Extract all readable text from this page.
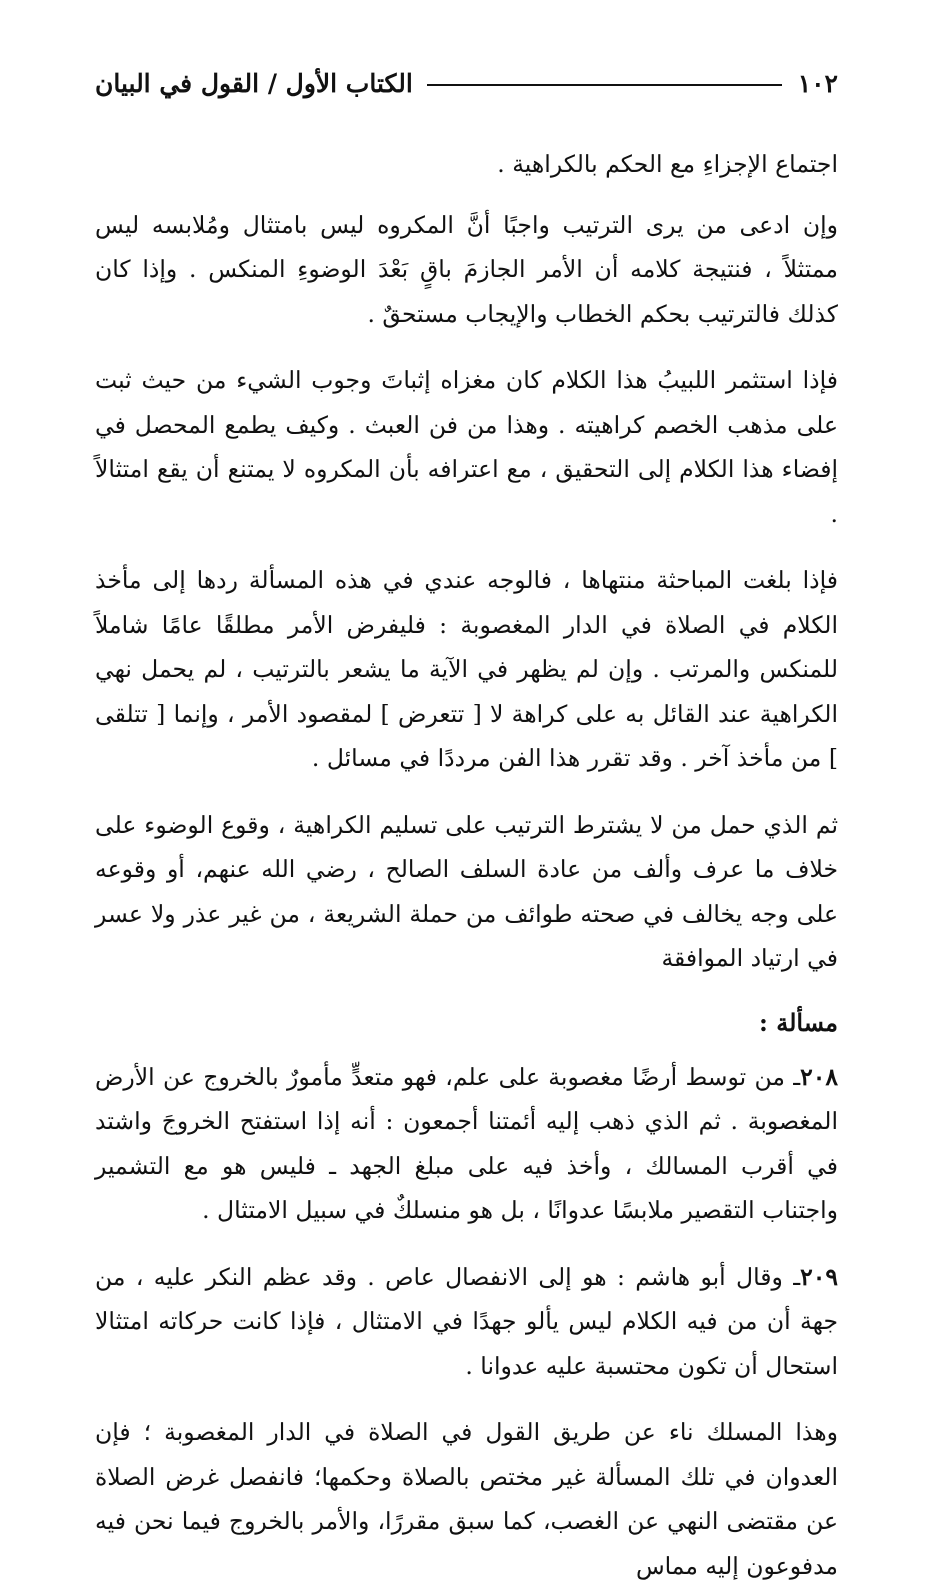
١٠٢
الكتاب الأول / القول في البيان

اجتماع الإجزاءِ مع الحكم بالكراهية .

وإن ادعى من يرى الترتيب واجبًا أنَّ المكروه ليس بامتثال ومُلابسه ليس ممتثلاً ، فنتيجة كلامه أن الأمر الجازمَ باقٍ بَعْدَ الوضوءِ المنكس . وإذا كان كذلك فالترتيب بحكم الخطاب والإيجاب مستحقٌ .

فإذا استثمر اللبيبُ هذا الكلام كان مغزاه إثباتَ وجوب الشيء من حيث ثبت على مذهب الخصم كراهيته . وهذا من فن العبث . وكيف يطمع المحصل في إفضاء هذا الكلام إلى التحقيق ، مع اعترافه بأن المكروه لا يمتنع أن يقع امتثالاً .

فإذا بلغت المباحثة منتهاها ، فالوجه عندي في هذه المسألة ردها إلى مأخذ الكلام في الصلاة في الدار المغصوبة : فليفرض الأمر مطلقًا عامًا شاملاً للمنكس والمرتب . وإن لم يظهر في الآية ما يشعر بالترتيب ، لم يحمل نهي الكراهية عند القائل به على كراهة لا [ تتعرض ] لمقصود الأمر ، وإنما [ تتلقى ] من مأخذ آخر . وقد تقرر هذا الفن مرددًا في مسائل .

ثم الذي حمل من لا يشترط الترتيب على تسليم الكراهية ، وقوع الوضوء على خلاف ما عرف وألف من عادة السلف الصالح ، رضي الله عنهم، أو وقوعه على وجه يخالف في صحته طوائف من حملة الشريعة ، من غير عذر ولا عسر في ارتياد الموافقة

مسألة :

٢٠٨ـ من توسط أرضًا مغصوبة على علم، فهو متعدٍّ مأمورٌ بالخروج عن الأرض المغصوبة . ثم الذي ذهب إليه أئمتنا أجمعون : أنه إذا استفتح الخروجَ واشتد في أقرب المسالك ، وأخذ فيه على مبلغ الجهد ـ فليس هو مع التشمير واجتناب التقصير ملابسًا عدوانًا ، بل هو منسلكٌ في سبيل الامتثال .

٢٠٩ـ وقال أبو هاشم : هو إلى الانفصال عاص . وقد عظم النكر عليه ، من جهة أن من فيه الكلام ليس يألو جهدًا في الامتثال ، فإذا كانت حركاته امتثالا استحال أن تكون محتسبة عليه عدوانا .

وهذا المسلك ناء عن طريق القول في الصلاة في الدار المغصوبة ؛ فإن العدوان في تلك المسألة غير مختص بالصلاة وحكمها؛ فانفصل غرض الصلاة عن مقتضى النهي عن الغصب، كما سبق مقررًا، والأمر بالخروج فيما نحن فيه مدفوعون إليه مماس
